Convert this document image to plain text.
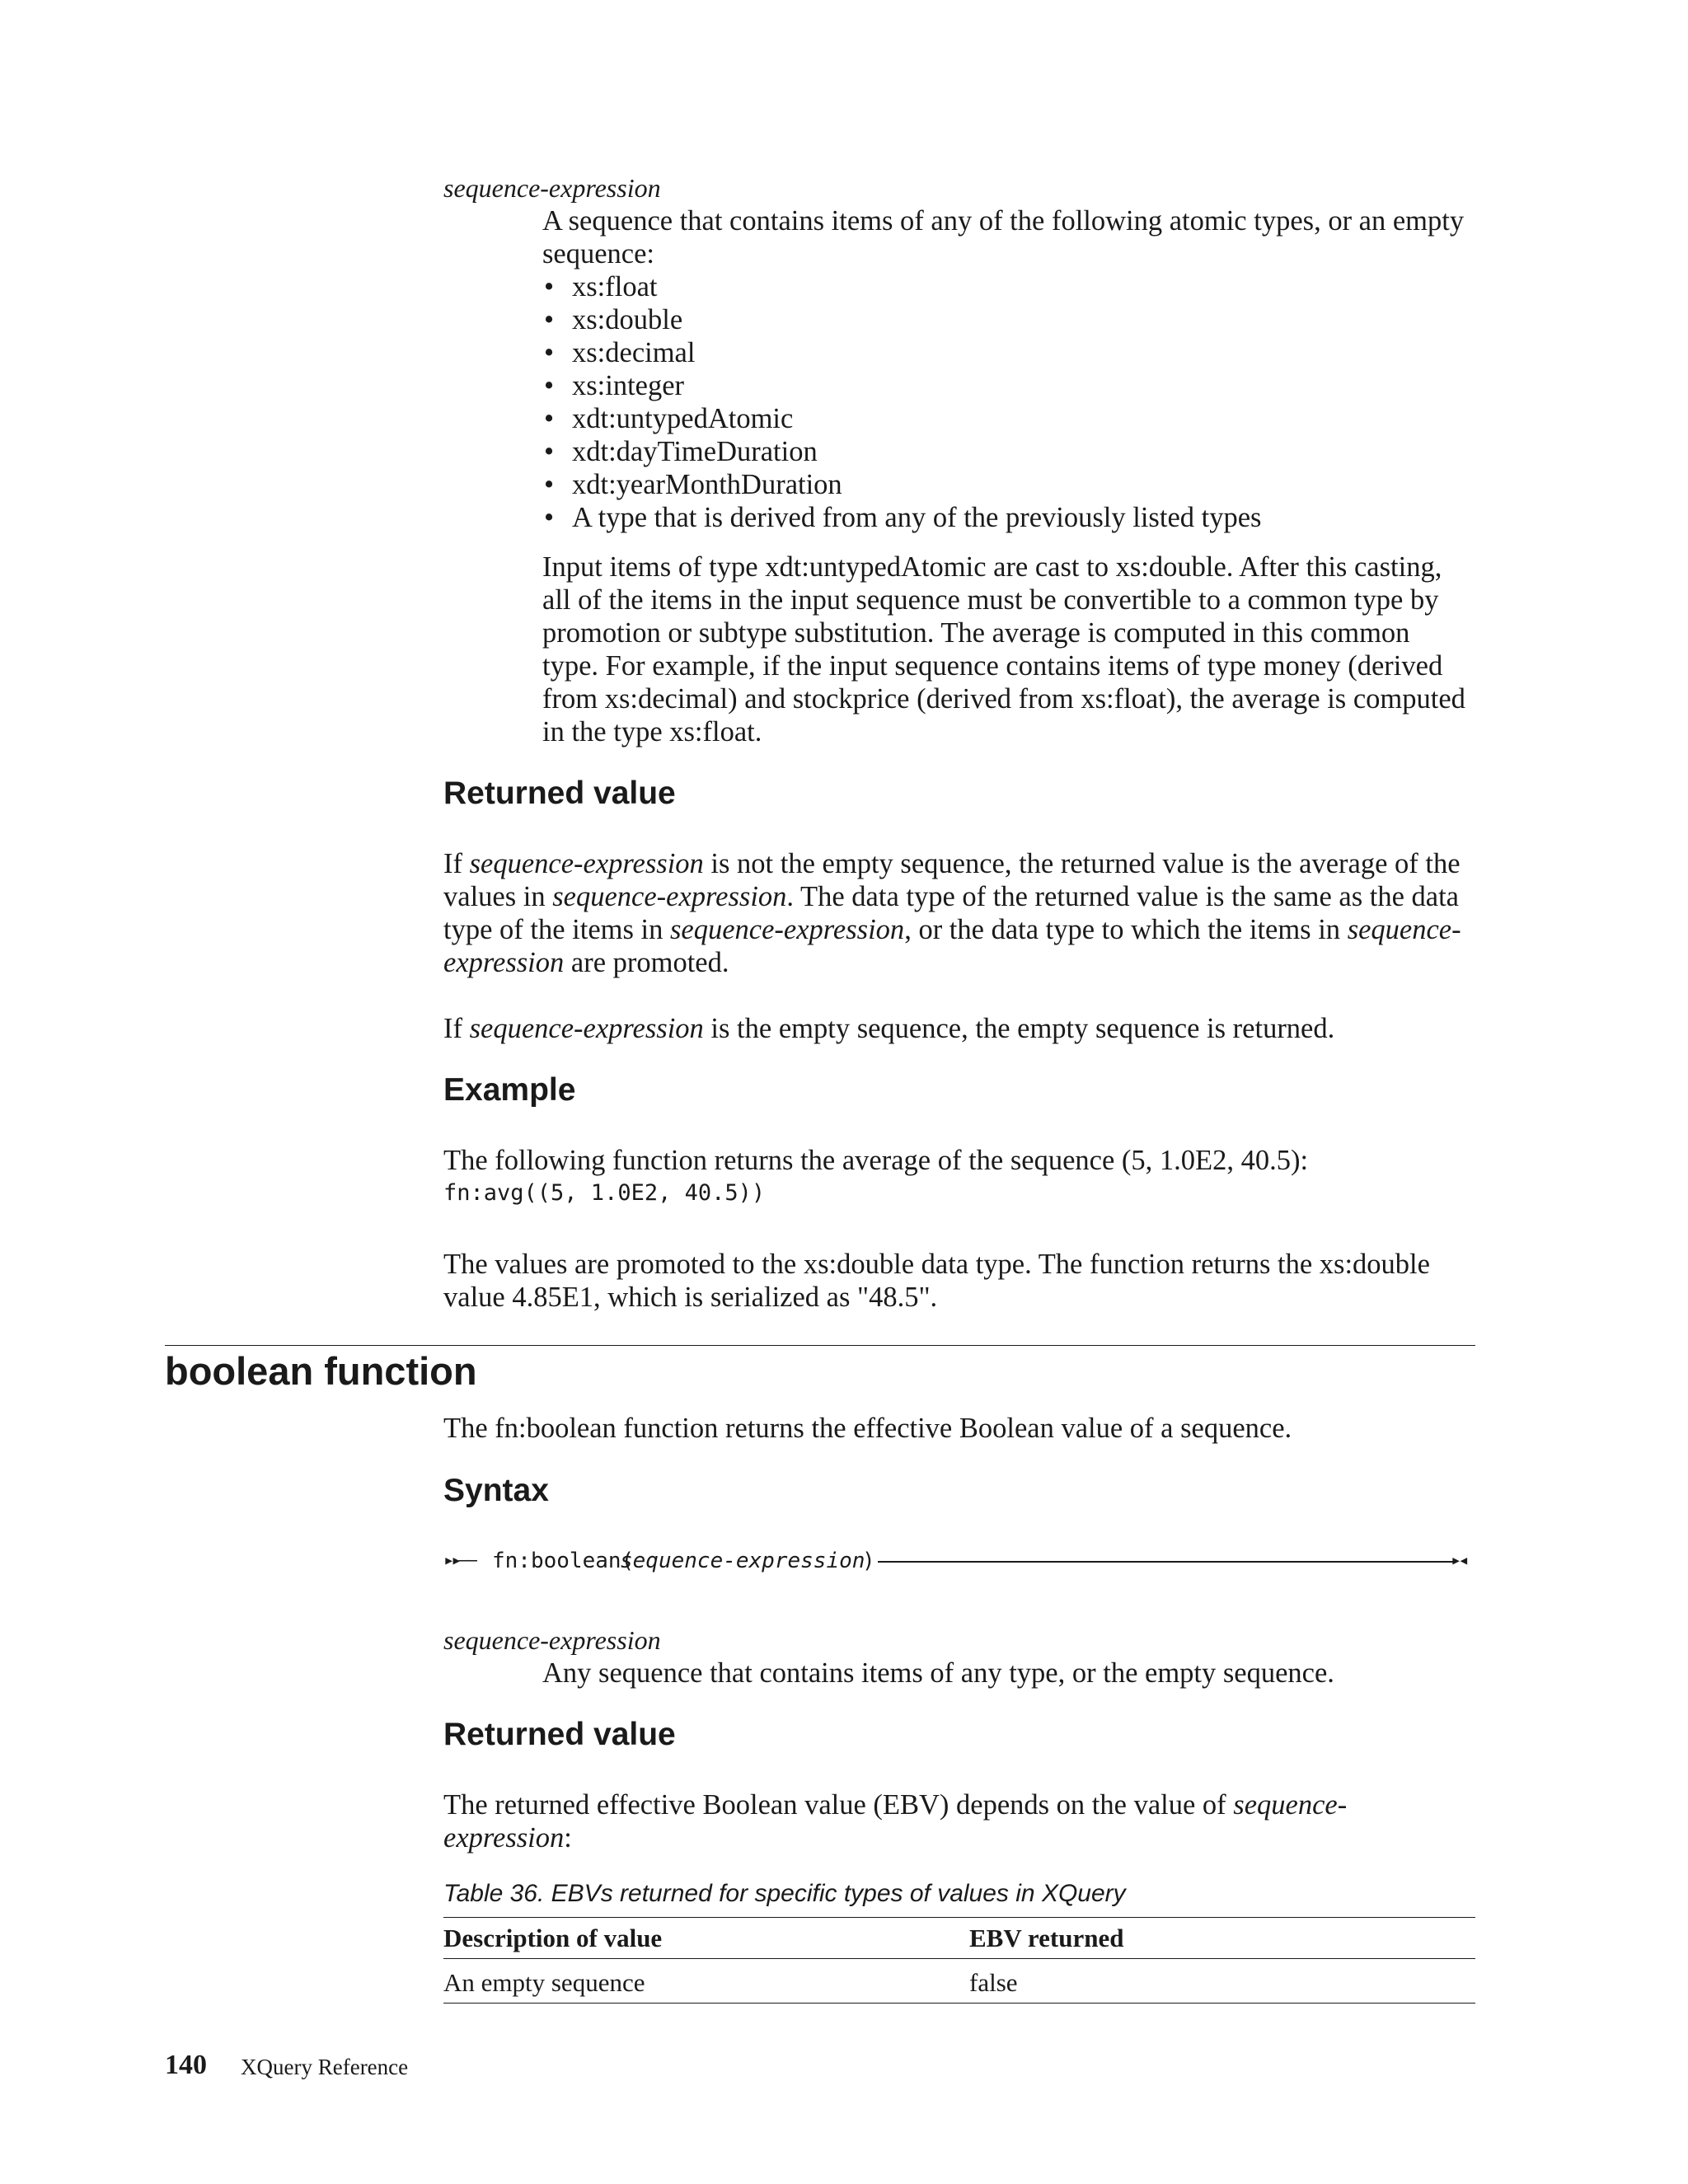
sequence-expression

A sequence that contains items of any of the following atomic types, or an empty sequence:

• xs:float
• xs:double
• xs:decimal
• xs:integer
• xdt:untypedAtomic
• xdt:dayTimeDuration
• xdt:yearMonthDuration
• A type that is derived from any of the previously listed types
Input items of type xdt:untypedAtomic are cast to xs:double. After this casting, all of the items in the input sequence must be convertible to a common type by promotion or subtype substitution. The average is computed in this common type. For example, if the input sequence contains items of type money (derived from xs:decimal) and stockprice (derived from xs:float), the average is computed in the type xs:float.
Returned value
If sequence-expression is not the empty sequence, the returned value is the average of the values in sequence-expression. The data type of the returned value is the same as the data type of the items in sequence-expression, or the data type to which the items in sequence-expression are promoted.
If sequence-expression is the empty sequence, the empty sequence is returned.
Example
The following function returns the average of the sequence (5, 1.0E2, 40.5):
fn:avg((5, 1.0E2, 40.5))
The values are promoted to the xs:double data type. The function returns the xs:double value 4.85E1, which is serialized as "48.5".
boolean function
The fn:boolean function returns the effective Boolean value of a sequence.
Syntax
▸▸—— fn:boolean(
sequence-expression
)	▸◂
sequence-expression
Any sequence that contains items of any type, or the empty sequence.
Returned value
The returned effective Boolean value (EBV) depends on the value of sequence-expression:
Table 36. EBVs returned for specific types of values in XQuery
Description of value	EBV returned
An empty sequence	false
140 XQuery Reference
